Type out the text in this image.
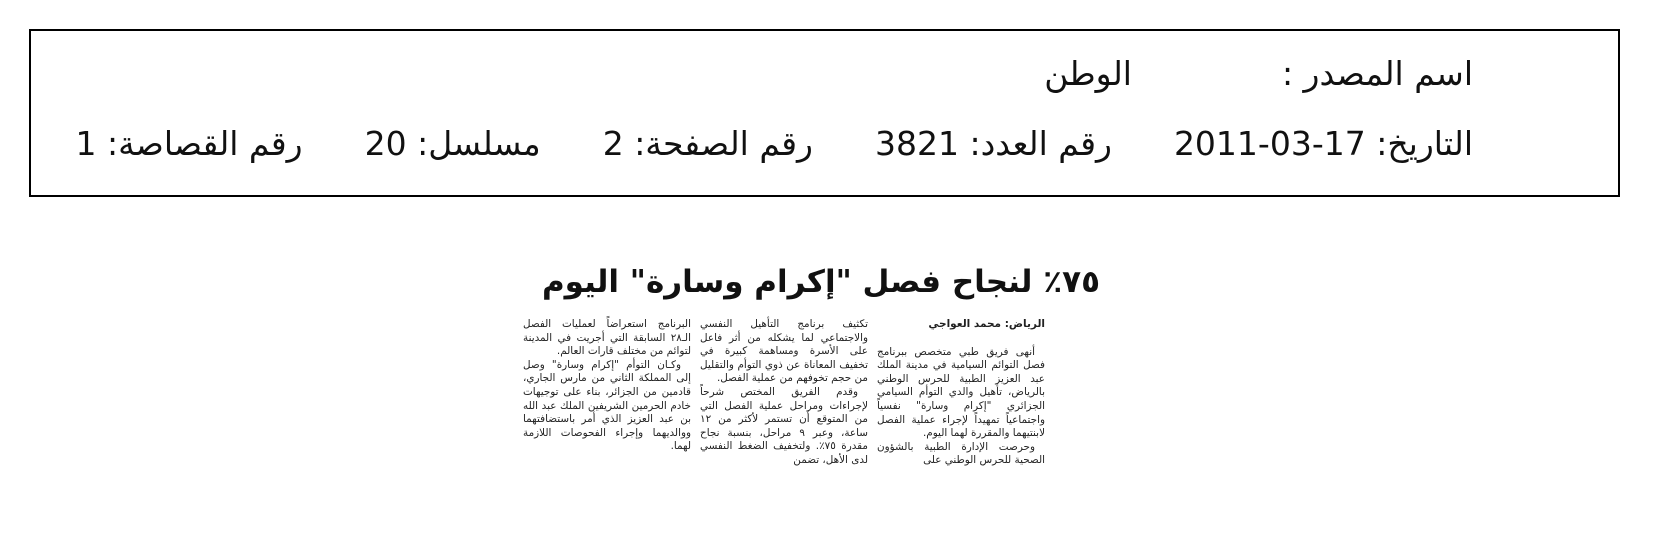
اسم المصدر :الوطن
التاريخ: 2011-03-17رقم العدد: 3821رقم الصفحة: 2مسلسل: 20رقم القصاصة: 1
٧٥٪ لنجاح فصل "إكرام وسارة" اليوم
الرياض: محمد العواجي

أنهى فريق طبي متخصص ببرنامج فصل التوائم السيامية في مدينة الملك عبد العزيز الطبية للحرس الوطني بالرياض، تأهيل والدي التوأم السيامي الجزائري "إكرام وسارة" نفسياً واجتماعياً تمهيداً لإجراء عملية الفصل لابنتيهما والمقررة لهما اليوم.

وحرصت الإدارة الطبية بالشؤون الصحية للحرس الوطني على

تكثيف برنامج التأهيل النفسي والاجتماعي لما يشكله من أثر فاعل على الأسرة ومساهمة كبيرة في تخفيف المعاناة عن ذوي التوأم والتقليل من حجم تخوفهم من عملية الفصل.

وقدم الفريق المختص شرحاً لإجراءات ومراحل عملية الفصل التي من المتوقع أن تستمر لأكثر من ١٢ ساعة، وعبر ٩ مراحل، بنسبة نجاح مقدرة ٧٥٪. ولتخفيف الضغط النفسي لدى الأهل، تضمن

البرنامج استعراضاً لعمليات الفصل الـ٢٨ السابقة التي أجريت في المدينة لتوائم من مختلف قارات العالم.

وكـان التوأم "إكرام وسارة" وصل إلى المملكة الثاني من مارس الجاري، قادمين من الجزائر، بناء على توجيهات خادم الحرمين الشريفين الملك عبد الله بن عبد العزيز الذي أمر باستضافتهما ووالديهما وإجراء الفحوصات اللازمة لهما.
